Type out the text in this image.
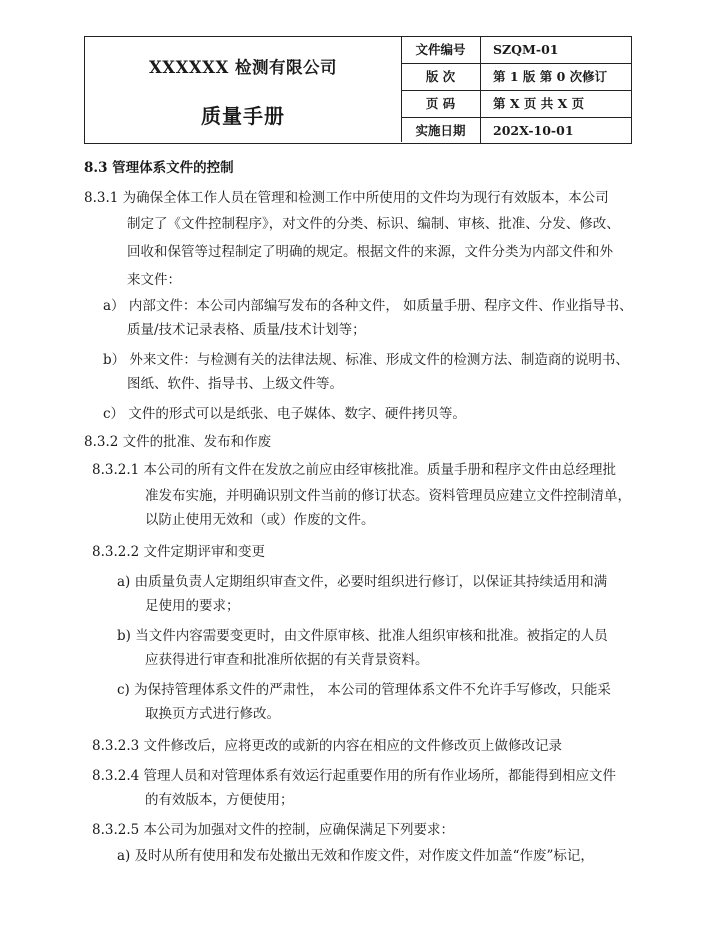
XXXXXX 检测有限公司
质量手册
文件编号	SZQM-01
版 次	第 1 版 第 0 次修订
页 码	第 X 页 共 X 页
实施日期	202X-10-01
8.3 管理体系文件的控制
8.3.1 为确保全体工作人员在管理和检测工作中所使用的文件均为现行有效版本，本公司
制定了《文件控制程序》，对文件的分类、标识、编制、审核、批准、分发、修改、
回收和保管等过程制定了明确的规定。根据文件的来源，文件分类为内部文件和外
来文件：
a） 内部文件：本公司内部编写发布的各种文件， 如质量手册、程序文件、作业指导书、
质量/技术记录表格、质量/技术计划等；
b） 外来文件：与检测有关的法律法规、标准、形成文件的检测方法、制造商的说明书、
图纸、软件、指导书、上级文件等。
c） 文件的形式可以是纸张、电子媒体、数字、硬件拷贝等。
8.3.2 文件的批准、发布和作废
8.3.2.1 本公司的所有文件在发放之前应由经审核批准。质量手册和程序文件由总经理批
准发布实施，并明确识别文件当前的修订状态。资料管理员应建立文件控制清单，
以防止使用无效和（或）作废的文件。
8.3.2.2 文件定期评审和变更
a) 由质量负责人定期组织审查文件，必要时组织进行修订，以保证其持续适用和满
足使用的要求；
b) 当文件内容需要变更时，由文件原审核、批准人组织审核和批准。被指定的人员
应获得进行审查和批准所依据的有关背景资料。
c) 为保持管理体系文件的严肃性， 本公司的管理体系文件不允许手写修改，只能采
取换页方式进行修改。
8.3.2.3 文件修改后，应将更改的或新的内容在相应的文件修改页上做修改记录
8.3.2.4 管理人员和对管理体系有效运行起重要作用的所有作业场所，都能得到相应文件
的有效版本，方便使用；
8.3.2.5 本公司为加强对文件的控制，应确保满足下列要求：
a) 及时从所有使用和发布处撤出无效和作废文件，对作废文件加盖“作废”标记，
